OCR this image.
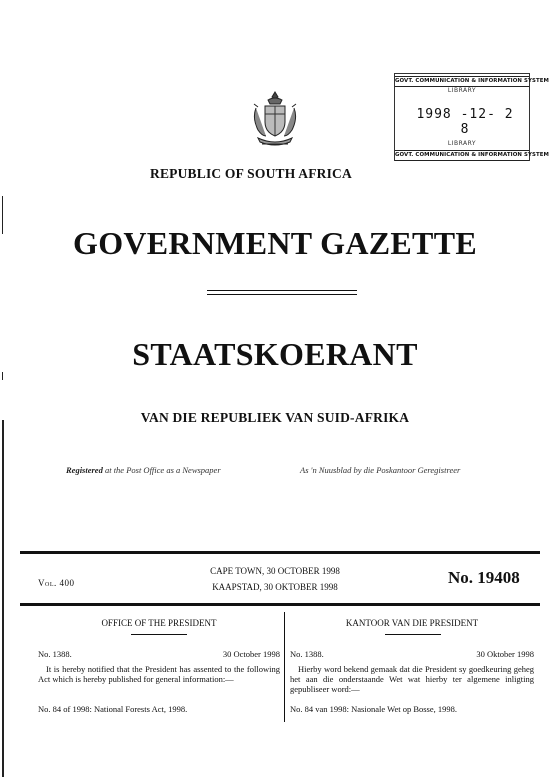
GOVT. COMMUNICATION & INFORMATION SYSTEM
LIBRARY
1998 -12- 2 8
LIBRARY
GOVT. COMMUNICATION & INFORMATION SYSTEM
REPUBLIC OF SOUTH AFRICA
GOVERNMENT GAZETTE
STAATSKOERANT
VAN DIE REPUBLIEK VAN SUID-AFRIKA
Registered at the Post Office as a Newspaper	As 'n Nuusblad by die Poskantoor Geregistreer
Vol. 400
CAPE TOWN, 30 OCTOBER 1998
KAAPSTAD, 30 OKTOBER 1998	No. 19408
OFFICE OF THE PRESIDENT
No. 1388.	30 October 1998
It is hereby notified that the President has assented to the following Act which is hereby published for general information:—
No. 84 of 1998: National Forests Act, 1998.
KANTOOR VAN DIE PRESIDENT
No. 1388.	30 Oktober 1998
Hierby word bekend gemaak dat die President sy goedkeuring geheg het aan die onderstaande Wet wat hierby ter algemene inligting gepubliseer word:—
No. 84 van 1998: Nasionale Wet op Bosse, 1998.
